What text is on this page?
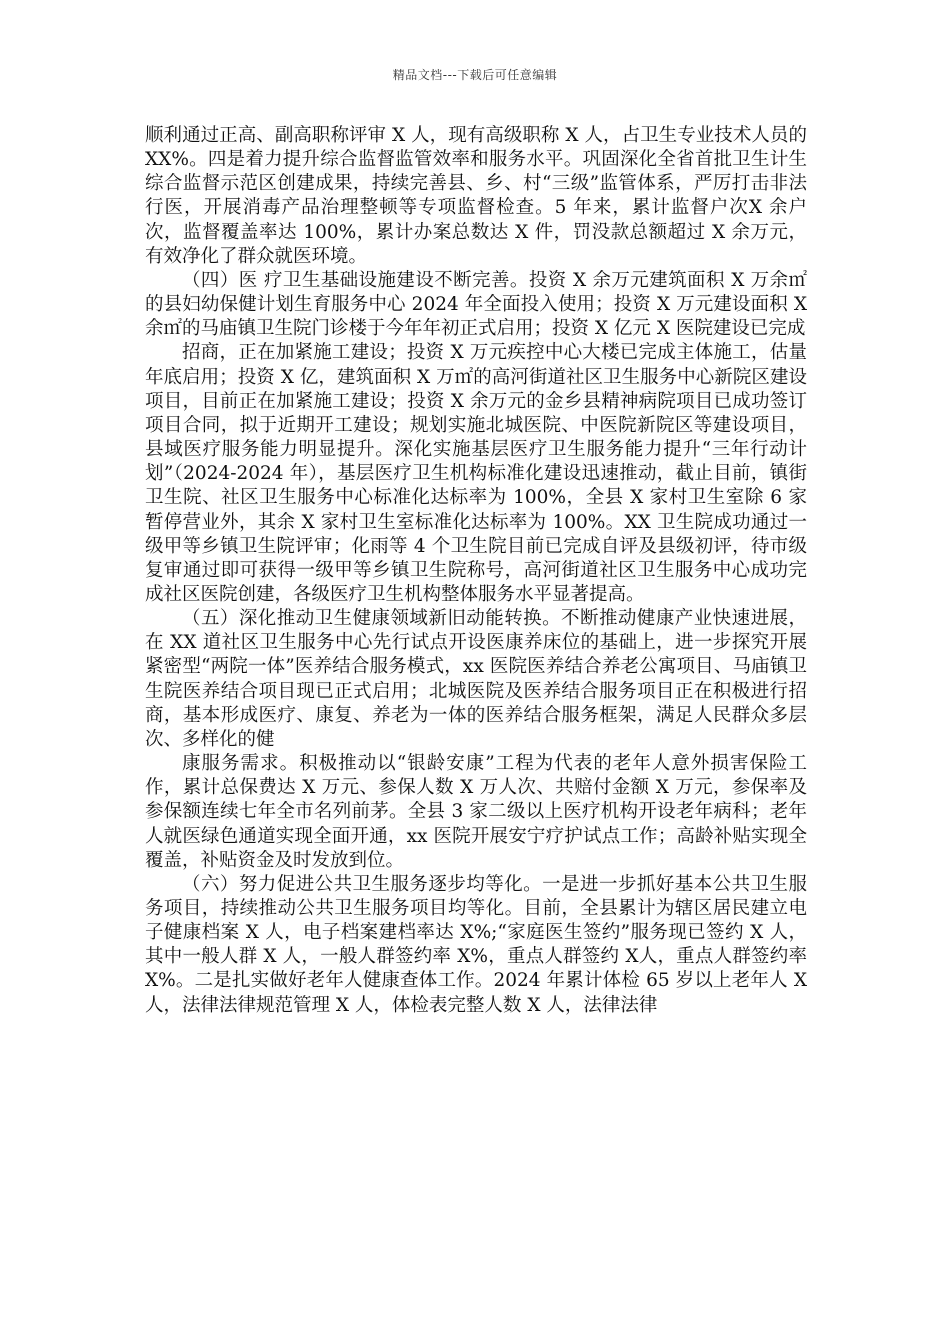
精品文档---下载后可任意编辑

顺利通过正高、副高职称评审 X 人，现有高级职称 X 人，占卫生专业技术人员的 XX%。四是着力提升综合监督监管效率和服务水平。巩固深化全省首批卫生计生综合监督示范区创建成果，持续完善县、乡、村“三级”监管体系，严厉打击非法行医，开展消毒产品治理整顿等专项监督检查。5 年来，累计监督户次X 余户次，监督覆盖率达 100%，累计办案总数达 X 件，罚没款总额超过 X 余万元，有效净化了群众就医环境。

（四）医 疗卫生基础设施建设不断完善。投资 X 余万元建筑面积 X 万余㎡的县妇幼保健计划生育服务中心 2024 年全面投入使用；投资 X 万元建设面积 X 余㎡的马庙镇卫生院门诊楼于今年年初正式启用；投资 X 亿元 X 医院建设已完成

招商，正在加紧施工建设；投资 X 万元疾控中心大楼已完成主体施工，估量年底启用；投资 X 亿，建筑面积 X 万㎡的高河街道社区卫生服务中心新院区建设项目，目前正在加紧施工建设；投资 X 余万元的金乡县精神病院项目已成功签订项目合同，拟于近期开工建设；规划实施北城医院、中医院新院区等建设项目，县域医疗服务能力明显提升。深化实施基层医疗卫生服务能力提升“三年行动计划”（2024-2024 年），基层医疗卫生机构标准化建设迅速推动，截止目前，镇街卫生院、社区卫生服务中心标准化达标率为 100%，全县 X 家村卫生室除 6 家暂停营业外，其余 X 家村卫生室标准化达标率为 100%。XX 卫生院成功通过一级甲等乡镇卫生院评审；化雨等 4 个卫生院目前已完成自评及县级初评，待市级复审通过即可获得一级甲等乡镇卫生院称号，高河街道社区卫生服务中心成功完成社区医院创建，各级医疗卫生机构整体服务水平显著提高。

（五）深化推动卫生健康领域新旧动能转换。不断推动健康产业快速进展，在 XX 道社区卫生服务中心先行试点开设医康养床位的基础上，进一步探究开展紧密型“两院一体”医养结合服务模式，xx 医院医养结合养老公寓项目、马庙镇卫生院医养结合项目现已正式启用；北城医院及医养结合服务项目正在积极进行招商，基本形成医疗、康复、养老为一体的医养结合服务框架，满足人民群众多层次、多样化的健

康服务需求。积极推动以“银龄安康”工程为代表的老年人意外损害保险工作，累计总保费达 X 万元、参保人数 X 万人次、共赔付金额 X 万元，参保率及参保额连续七年全市名列前茅。全县 3 家二级以上医疗机构开设老年病科；老年人就医绿色通道实现全面开通，xx 医院开展安宁疗护试点工作；高龄补贴实现全覆盖，补贴资金及时发放到位。

（六）努力促进公共卫生服务逐步均等化。一是进一步抓好基本公共卫生服务项目，持续推动公共卫生服务项目均等化。目前，全县累计为辖区居民建立电子健康档案 X 人，电子档案建档率达 X%;“家庭医生签约”服务现已签约 X 人，其中一般人群 X 人，一般人群签约率 X%，重点人群签约 X人，重点人群签约率 X%。二是扎实做好老年人健康查体工作。2024 年累计体检 65 岁以上老年人 X 人，法律法律规范管理 X 人，体检表完整人数 X 人，法律法律
